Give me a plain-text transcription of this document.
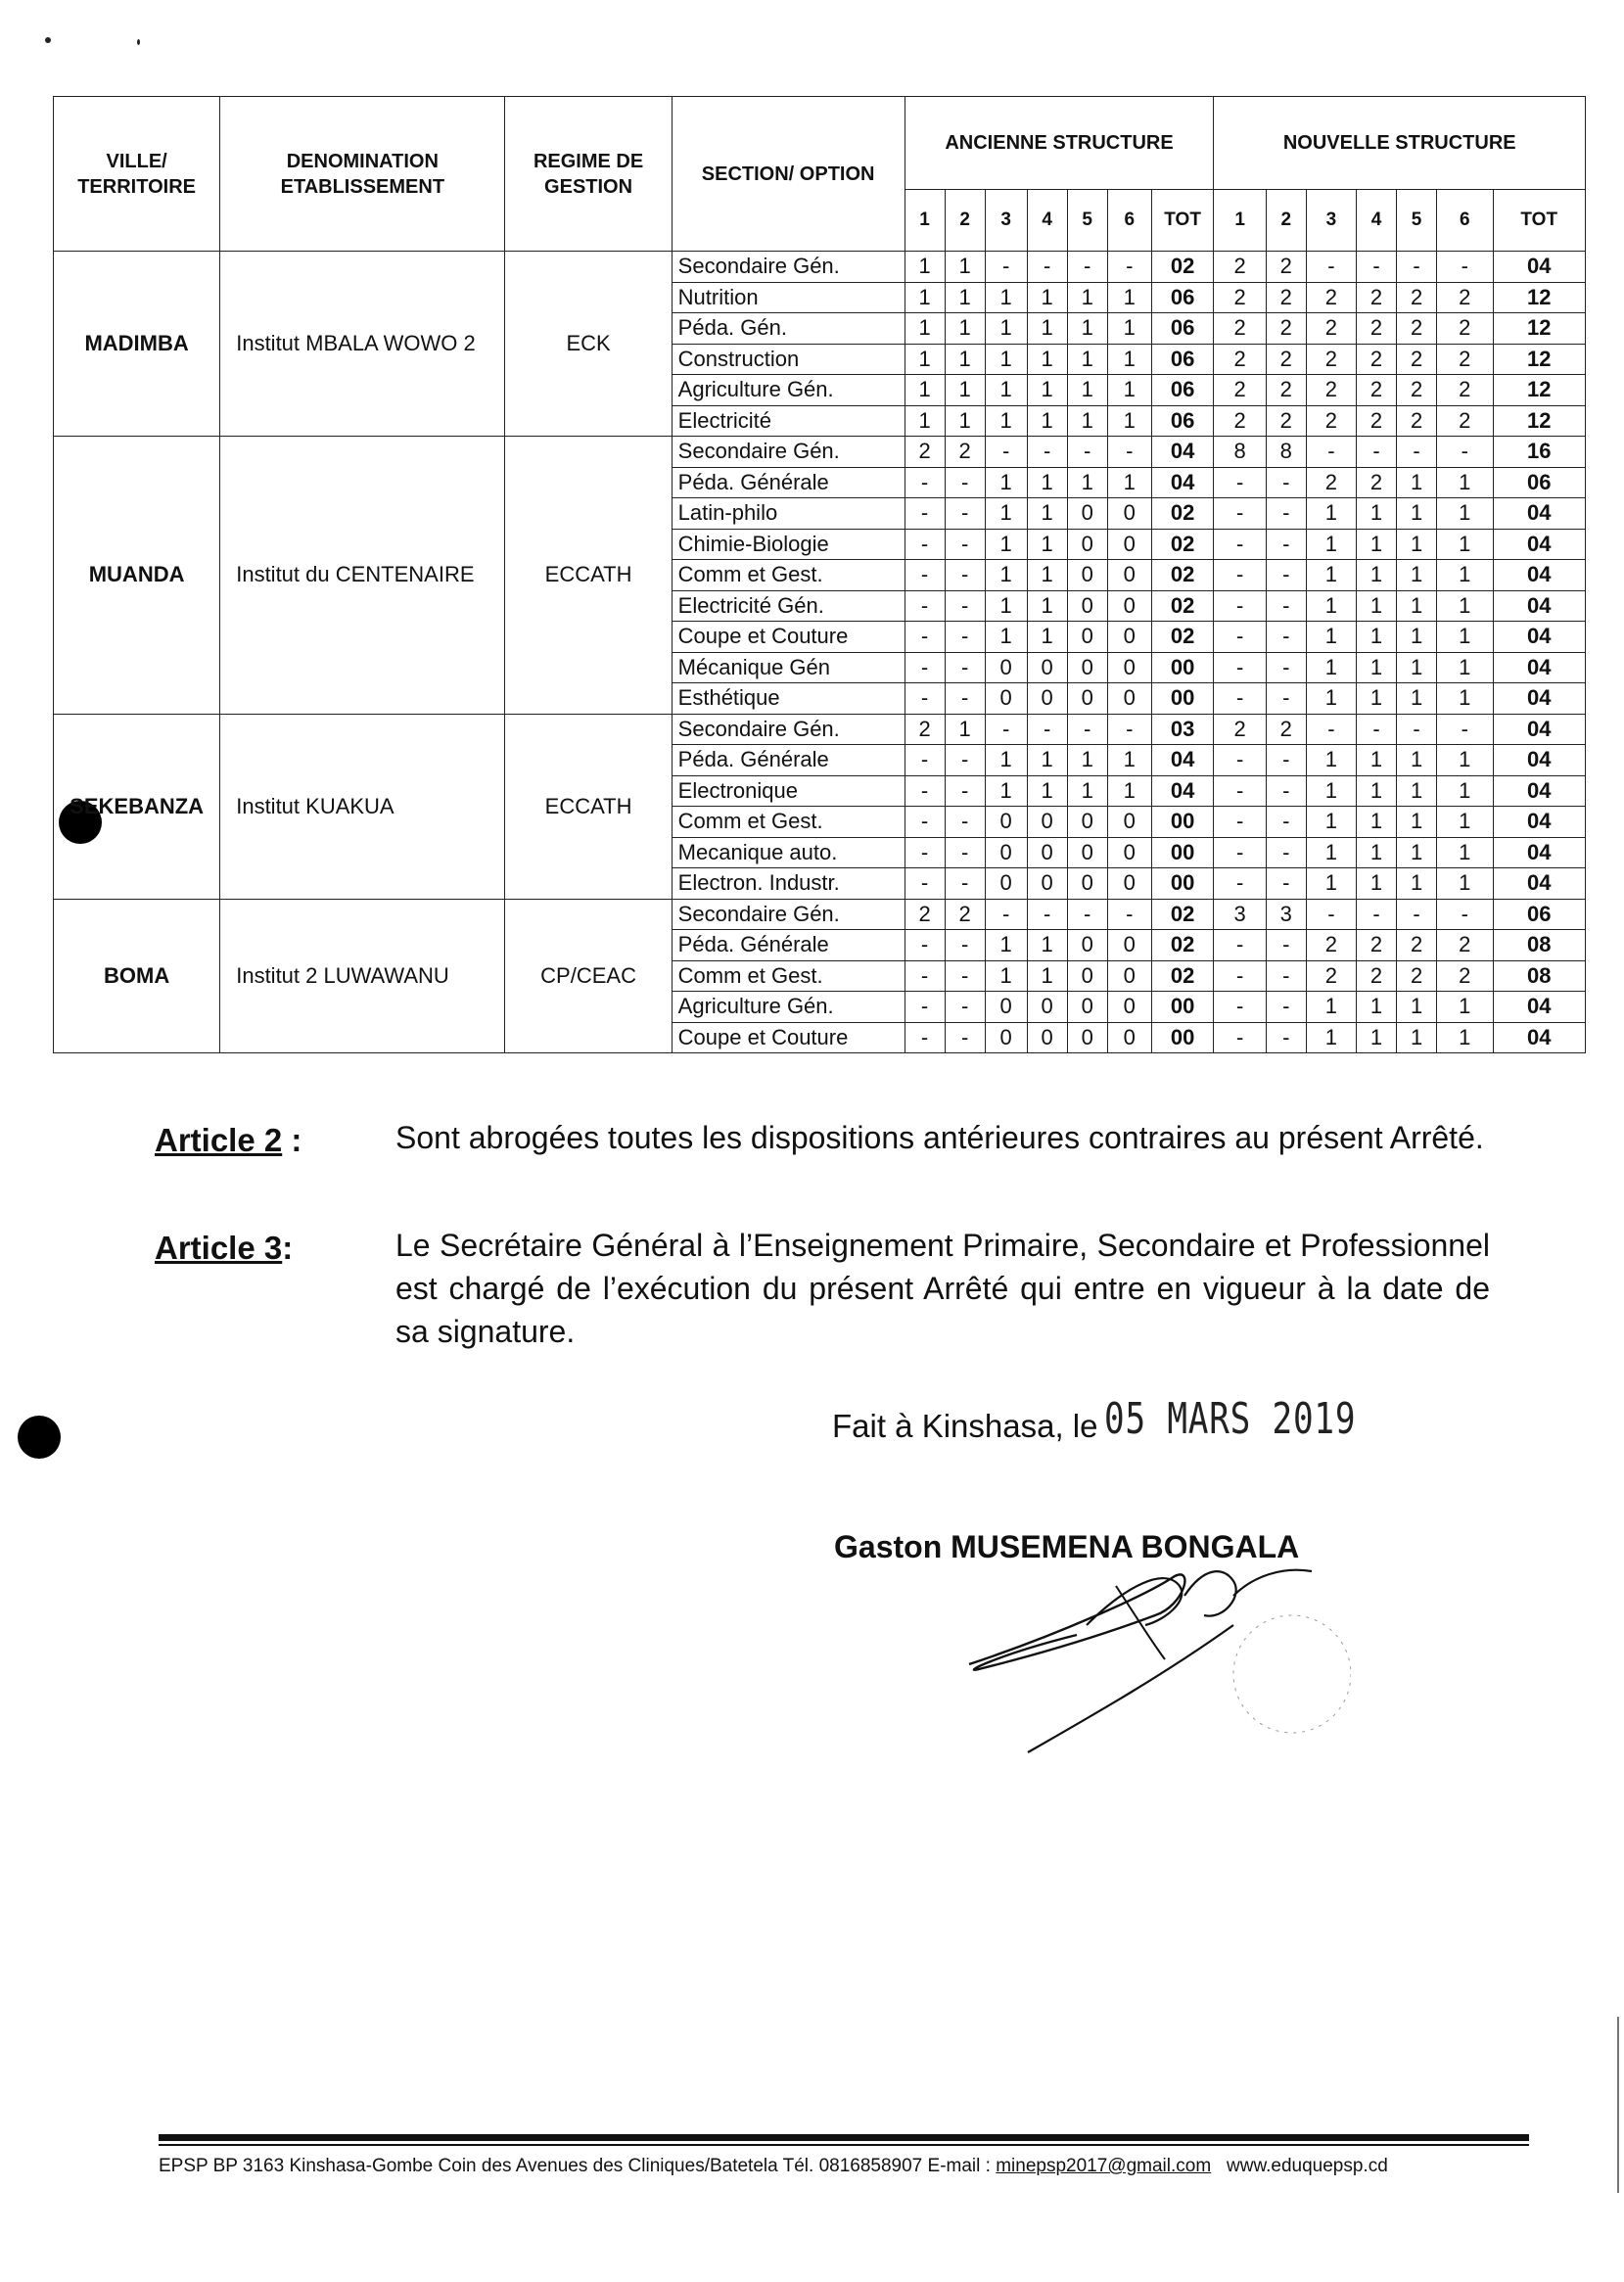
VILLE/ TERRITOIRE	DENOMINATION ETABLISSEMENT	REGIME DE GESTION	SECTION/ OPTION	ANCIENNE STRUCTURE							NOUVELLE STRUCTURE						
				1	2	3	4	5	6	TOT	1	2	3	4	5	6	TOT
MADIMBA	Institut MBALA WOWO 2	ECK	Secondaire Gén.	1	1	-	-	-	-	02	2	2	-	-	-	-	04
			Nutrition	1	1	1	1	1	1	06	2	2	2	2	2	2	12
			Péda. Gén.	1	1	1	1	1	1	06	2	2	2	2	2	2	12
			Construction	1	1	1	1	1	1	06	2	2	2	2	2	2	12
			Agriculture Gén.	1	1	1	1	1	1	06	2	2	2	2	2	2	12
			Electricité	1	1	1	1	1	1	06	2	2	2	2	2	2	12
MUANDA	Institut du CENTENAIRE	ECCATH	Secondaire Gén.	2	2	-	-	-	-	04	8	8	-	-	-	-	16
			Péda. Générale	-	-	1	1	1	1	04	-	-	2	2	1	1	06
			Latin-philo	-	-	1	1	0	0	02	-	-	1	1	1	1	04
			Chimie-Biologie	-	-	1	1	0	0	02	-	-	1	1	1	1	04
			Comm et Gest.	-	-	1	1	0	0	02	-	-	1	1	1	1	04
			Electricité Gén.	-	-	1	1	0	0	02	-	-	1	1	1	1	04
			Coupe et Couture	-	-	1	1	0	0	02	-	-	1	1	1	1	04
			Mécanique Gén	-	-	0	0	0	0	00	-	-	1	1	1	1	04
			Esthétique	-	-	0	0	0	0	00	-	-	1	1	1	1	04
SEKEBANZA	Institut KUAKUA	ECCATH	Secondaire Gén.	2	1	-	-	-	-	03	2	2	-	-	-	-	04
			Péda. Générale	-	-	1	1	1	1	04	-	-	1	1	1	1	04
			Electronique	-	-	1	1	1	1	04	-	-	1	1	1	1	04
			Comm et Gest.	-	-	0	0	0	0	00	-	-	1	1	1	1	04
			Mecanique auto.	-	-	0	0	0	0	00	-	-	1	1	1	1	04
			Electron. Industr.	-	-	0	0	0	0	00	-	-	1	1	1	1	04
BOMA	Institut 2 LUWAWANU	CP/CEAC	Secondaire Gén.	2	2	-	-	-	-	02	3	3	-	-	-	-	06
			Péda. Générale	-	-	1	1	0	0	02	-	-	2	2	2	2	08
			Comm et Gest.	-	-	1	1	0	0	02	-	-	2	2	2	2	08
			Agriculture Gén.	-	-	0	0	0	0	00	-	-	1	1	1	1	04
			Coupe et Couture	-	-	0	0	0	0	00	-	-	1	1	1	1	04
Article 2 :	Sont abrogées toutes les dispositions antérieures contraires au présent Arrêté.
Article 3:	Le Secrétaire Général à l’Enseignement Primaire, Secondaire et Professionnel est chargé de l’exécution du présent Arrêté qui entre en vigueur à la date de sa signature.
Fait à Kinshasa, le 05 MARS 2019
Gaston MUSEMENA BONGALA
EPSP BP 3163 Kinshasa-Gombe Coin des Avenues des Cliniques/Batetela Tél. 0816858907 E-mail : minepsp2017@gmail.com www.eduquepsp.cd
